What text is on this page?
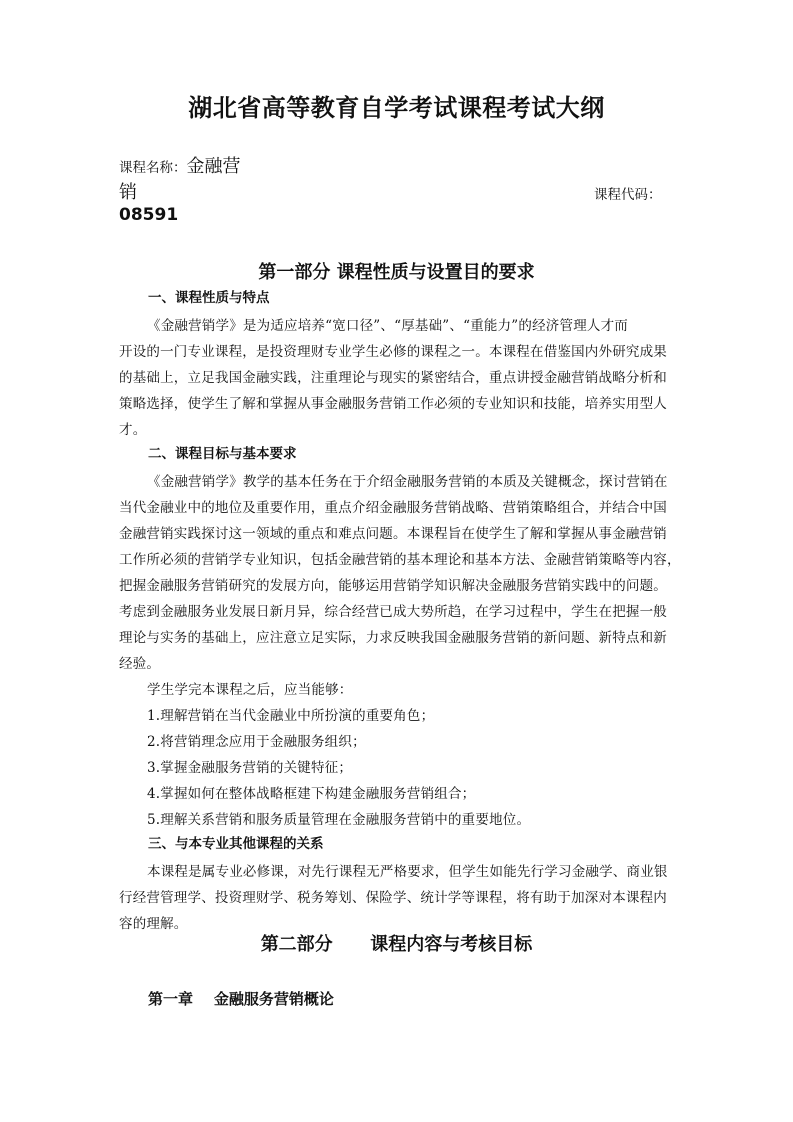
湖北省高等教育自学考试课程考试大纲
课程名称：金融营
销	课程代码：
08591
第一部分 课程性质与设置目的要求
一、课程性质与特点
《金融营销学》是为适应培养“宽口径”、“厚基础”、“重能力”的经济管理人才而
开设的一门专业课程，是投资理财专业学生必修的课程之一。本课程在借鉴国内外研究成果
的基础上，立足我国金融实践，注重理论与现实的紧密结合，重点讲授金融营销战略分析和
策略选择，使学生了解和掌握从事金融服务营销工作必须的专业知识和技能，培养实用型人
才。
二、课程目标与基本要求
《金融营销学》教学的基本任务在于介绍金融服务营销的本质及关键概念，探讨营销在
当代金融业中的地位及重要作用，重点介绍金融服务营销战略、营销策略组合，并结合中国
金融营销实践探讨这一领域的重点和难点问题。本课程旨在使学生了解和掌握从事金融营销
工作所必须的营销学专业知识，包括金融营销的基本理论和基本方法、金融营销策略等内容，
把握金融服务营销研究的发展方向，能够运用营销学知识解决金融服务营销实践中的问题。
考虑到金融服务业发展日新月异，综合经营已成大势所趋，在学习过程中，学生在把握一般
理论与实务的基础上，应注意立足实际，力求反映我国金融服务营销的新问题、新特点和新
经验。
学生学完本课程之后，应当能够：
1.理解营销在当代金融业中所扮演的重要角色；
2.将营销理念应用于金融服务组织；
3.掌握金融服务营销的关键特征；
4.掌握如何在整体战略框建下构建金融服务营销组合；
5.理解关系营销和服务质量管理在金融服务营销中的重要地位。
三、与本专业其他课程的关系
本课程是属专业必修课，对先行课程无严格要求，但学生如能先行学习金融学、商业银
行经营管理学、投资理财学、税务筹划、保险学、统计学等课程，将有助于加深对本课程内
容的理解。
第二部分      课程内容与考核目标
第一章    金融服务营销概论
